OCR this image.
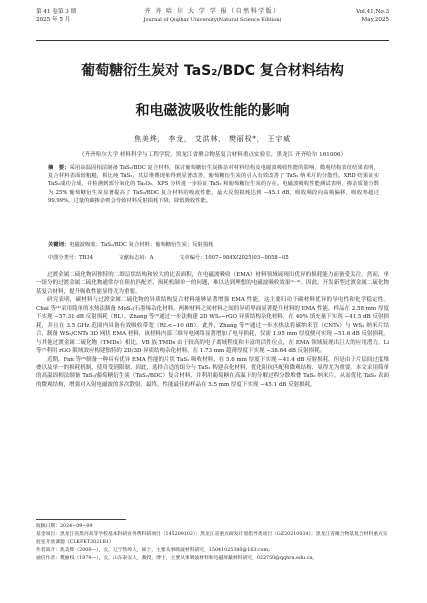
第 41 卷第 3 期
2025 年 5 月
齐 齐 哈 尔 大 学 学 报（自然科学版）
Journal of Qiqihar University(Natural Science Edition)
Vol.41,No.3
May,2025
葡萄糖衍生炭对 TaS₂/BDC 复合材料结构
和电磁波吸收性能的影响
焦美烨， 李龙， 艾洪林， 樊丽权*， 王宇威
（齐齐哈尔大学 材料科学与工程学院，黑龙江省聚合物基复合材料重点实验室，黑龙江 齐齐哈尔 161006）
摘　要：采用高温固相法制备 TaS₂/BDC 复合材料，探讨葡萄糖衍生炭掺杂对材料结构及电磁波吸收性能的影响，微观结构表征结果表明，复合材料表面较粗糙，相比纯 TaS₂，其层堆叠现象得到显著改善，葡萄糖衍生炭的引入有效改善了 TaS₂ 纳米片的分散性。XRD 结果证实 TaS₂成功合成，并检测到部分氧化的 Ta₂O₅，XPS 分析进一步验证 TaS₂ 和葡萄糖衍生炭的存在。电磁波吸收性能测试表明，掺杂质量分数为 25% 葡萄糖衍生炭显著提高了 TaS₂/BDC 复合材料的吸波性能，最大反射损耗达到 −45.1 dB，吸收频段向高频偏移，吸收率超过 99.99%，过量的碳掺杂则会导致材料反射损耗下降，降低吸收性能。
关键词：电磁波吸收；TaS₂/BDC 复合材料；葡萄糖衍生炭；反射损耗
中图分类号：TB34	文献标志码：A	文章编号：1007−984X(2025)03−0058−05

过渡金属二硫化物因独特的二维层状结构和较大的比表面积，在电磁波吸收（EMA）材料领域展现出优异的损耗能力而备受关注。然而，单一组分的过渡金属二硫化物通常存在阻抗匹配差、损耗机制单一的问题，难以达到理想的电磁波吸收效果⁽¹⁻³⁾。因此，开发新型过渡金属二硫化物基复合材料，提升吸收性能显得尤为重要。

研究表明，碳材料与过渡金属二硫化物的异质结构复合材料能够显著增强 EMA 性能，这主要归功于碳材料优异的导电性和化学稳定性。Chai 等⁽⁴⁾采用简单的水热法制备 MoS₂/石墨烯杂化材料，两种材料之间材料之间的异质界面显著提升材料的 EMA 性能，样品在 2.58 mm 厚度下实现 −57.31 dB 反射损耗（RL）。Zhang 等⁽⁵⁾通过一步法构建 2D WS₂−rGO 异质结构杂化材料，在 40% 填充量下实现 −41.5 dB 反射损耗，并且在 3.5 GHz 范围内具备有效吸收带宽（RL<−10 dB）。此外，Zhang 等⁽⁶⁾通过一步水热法将碳纳米管（CNTs）与 WS₂ 纳米片结合，制备 WS₂/CNTs 3D 网状 EMA 材料，该材料内部三维导电网络显著增加了电导损耗，仅需 1.95 mm 厚度便可实现 −51.6 dB 反射损耗。与其他过渡金属二硫化物（TMDs）相比，VB 族 TMDs 由于较高的电子离域程度和丰富的活性位点，在 EMA 领域展现出巨大的应用潜力。Li 等⁽⁷⁾利用 rGO 限域效应构建独特的 2D/3D 异质结构杂化材料，在 1.73 mm 超薄厚度下实现 −38.64 dB 反射损耗。

近期，Fan 等⁽⁸⁾制备一种具有优异 EMA 性能的片状 TaS₂ 吸收材料，在 5.6 mm 厚度下实现 −41.4 dB 反射损耗。但是由于片层间过度堆叠以及单一的损耗机制，使用受到限制。因此，选择合适的组分与 TaS₂ 构建杂化材料，优化阻抗匹配和微观结构，显得尤为重要。本文采用简单的高温固相法制备 TaS₂/葡萄糖衍生炭（TaS₂/BDC）复合材料，并利用葡萄糖在高温下的分解过程分散堆叠 TaS₂ 纳米片，从而优化 TaS₂ 表面的微观结构，增强对入射电磁波的多次散射。最终，性能最佳的样品在 5.5 mm 厚度下实现 −45.1 dB 反射损耗。

收稿日期：2024−09−09
基金项目：黑龙江省黑河高等学校基本科研业务费科研项目（145209102）；黑龙江省重点研发计划指导类项目（GZ20210034）；黑龙江省聚合物基复合材料重点实验室开放课题（CLKFKT2021B1）
作者简介：焦美烨（2000—），女，辽宁铁岭人，硕士，主要从事吸波材料研究，15041025380@163.com。
通信作者：樊丽权（1979—），女，山东泰安人，教授，博士，主要从事吸波材料和电磁屏蔽材料研究，022750@qqhru.edu.cn。
